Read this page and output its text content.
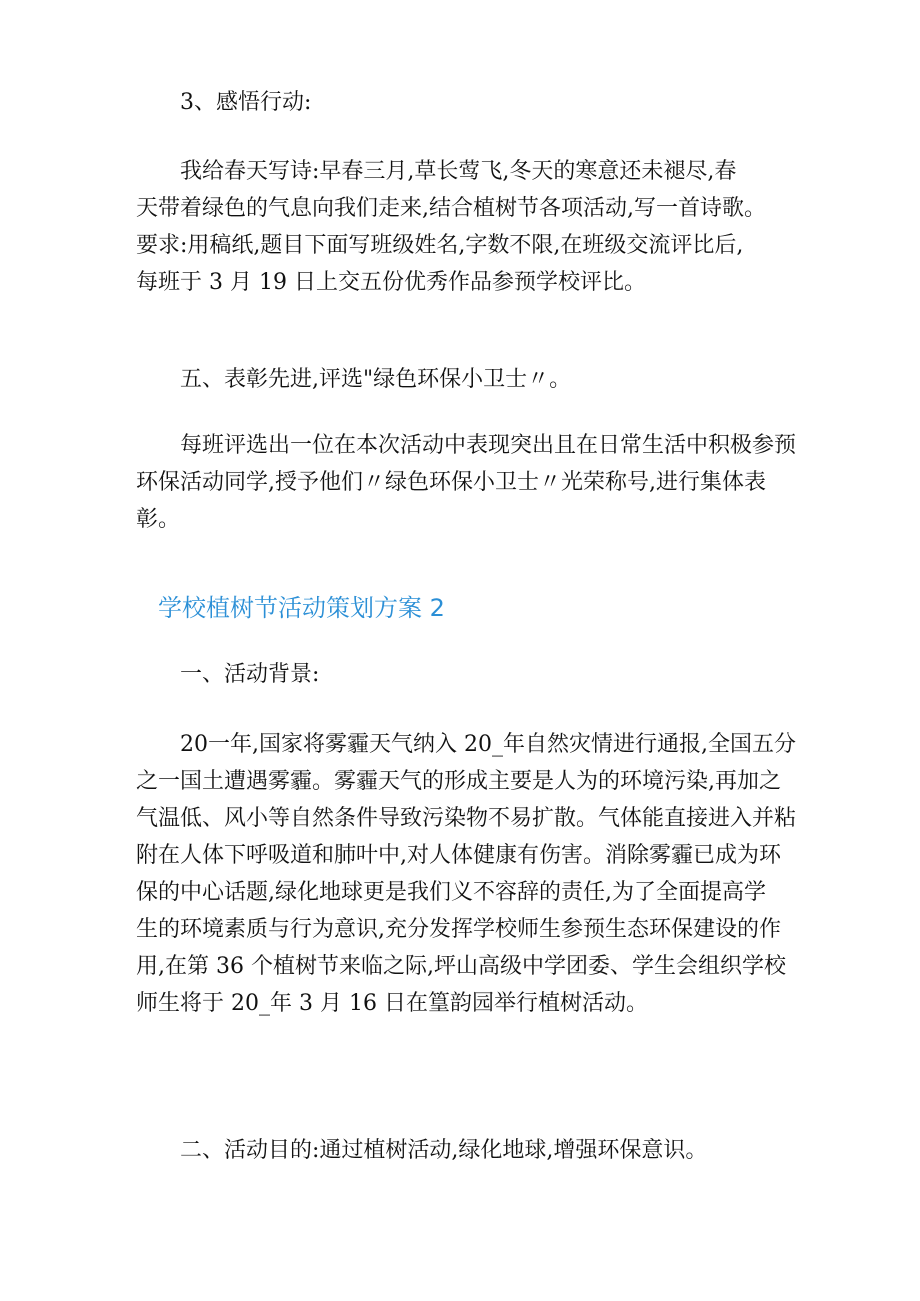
3、感悟行动:

我给春天写诗:早春三月,草长莺飞,冬天的寒意还未褪尽,春
天带着绿色的气息向我们走来,结合植树节各项活动,写一首诗歌。
要求:用稿纸,题目下面写班级姓名,字数不限,在班级交流评比后,
每班于 3 月 19 日上交五份优秀作品参预学校评比。

五、表彰先进,评选"绿色环保小卫士〃。

每班评选出一位在本次活动中表现突出且在日常生活中积极参预
环保活动同学,授予他们〃绿色环保小卫士〃光荣称号,进行集体表
彰。

学校植树节活动策划方案 2

一、活动背景:

20一年,国家将雾霾天气纳入 20_年自然灾情进行通报,全国五分
之一国土遭遇雾霾。雾霾天气的形成主要是人为的环境污染,再加之
气温低、风小等自然条件导致污染物不易扩散。气体能直接进入并粘
附在人体下呼吸道和肺叶中,对人体健康有伤害。消除雾霾已成为环
保的中心话题,绿化地球更是我们义不容辞的责任,为了全面提高学
生的环境素质与行为意识,充分发挥学校师生参预生态环保建设的作
用,在第 36 个植树节来临之际,坪山高级中学团委、学生会组织学校
师生将于 20_年 3 月 16 日在篁韵园举行植树活动。

二、活动目的:通过植树活动,绿化地球,增强环保意识。
